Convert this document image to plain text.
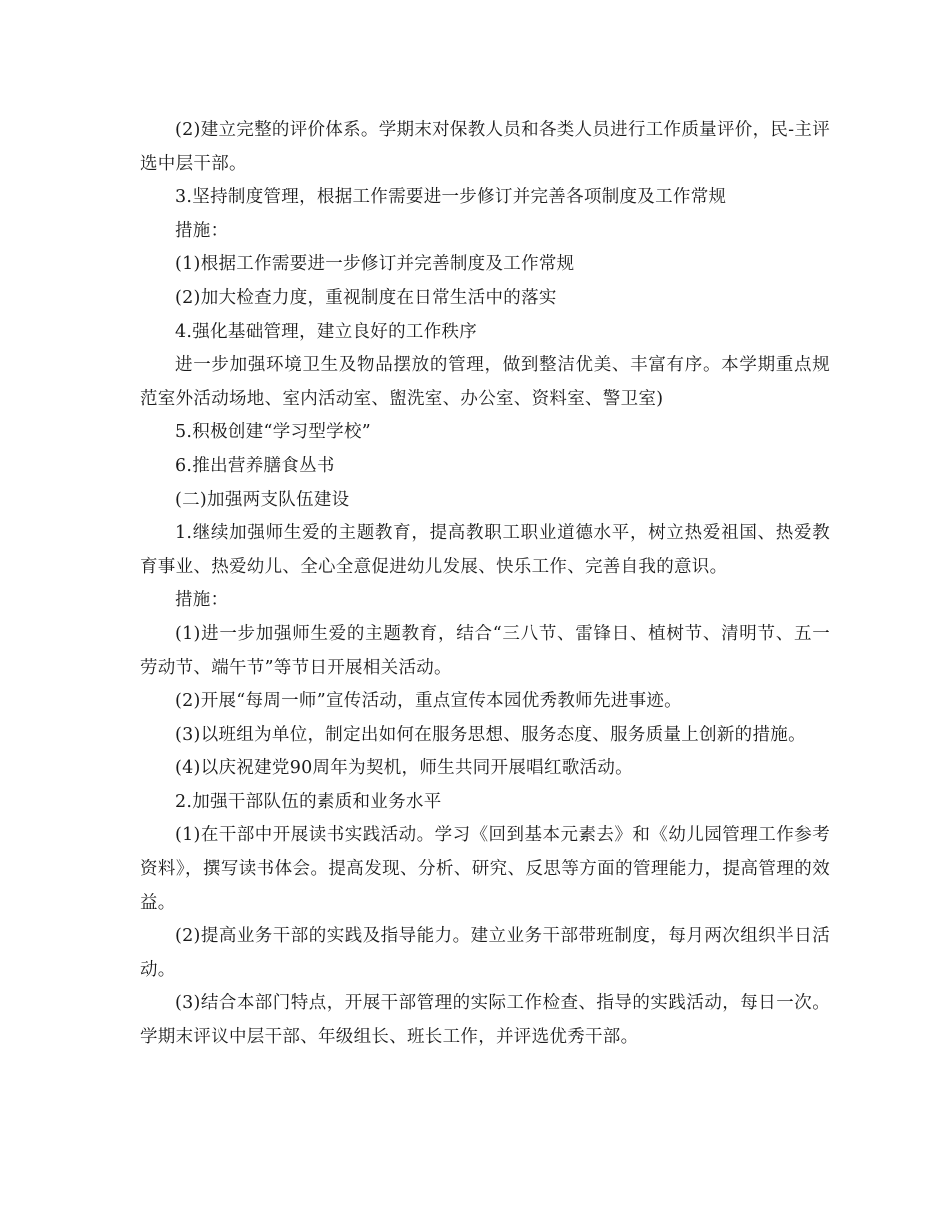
(2)建立完整的评价体系。学期末对保教人员和各类人员进行工作质量评价，民-主评选中层干部。

3.坚持制度管理，根据工作需要进一步修订并完善各项制度及工作常规

措施：

(1)根据工作需要进一步修订并完善制度及工作常规

(2)加大检查力度，重视制度在日常生活中的落实

4.强化基础管理，建立良好的工作秩序

进一步加强环境卫生及物品摆放的管理，做到整洁优美、丰富有序。本学期重点规范室外活动场地、室内活动室、盥洗室、办公室、资料室、警卫室)

5.积极创建“学习型学校”

6.推出营养膳食丛书

(二)加强两支队伍建设

1.继续加强师生爱的主题教育，提高教职工职业道德水平，树立热爱祖国、热爱教育事业、热爱幼儿、全心全意促进幼儿发展、快乐工作、完善自我的意识。

措施：

(1)进一步加强师生爱的主题教育，结合“三八节、雷锋日、植树节、清明节、五一劳动节、端午节”等节日开展相关活动。

(2)开展“每周一师”宣传活动，重点宣传本园优秀教师先进事迹。

(3)以班组为单位，制定出如何在服务思想、服务态度、服务质量上创新的措施。

(4)以庆祝建党90周年为契机，师生共同开展唱红歌活动。

2.加强干部队伍的素质和业务水平

(1)在干部中开展读书实践活动。学习《回到基本元素去》和《幼儿园管理工作参考资料》，撰写读书体会。提高发现、分析、研究、反思等方面的管理能力，提高管理的效益。

(2)提高业务干部的实践及指导能力。建立业务干部带班制度，每月两次组织半日活动。

(3)结合本部门特点，开展干部管理的实际工作检查、指导的实践活动，每日一次。学期末评议中层干部、年级组长、班长工作，并评选优秀干部。
